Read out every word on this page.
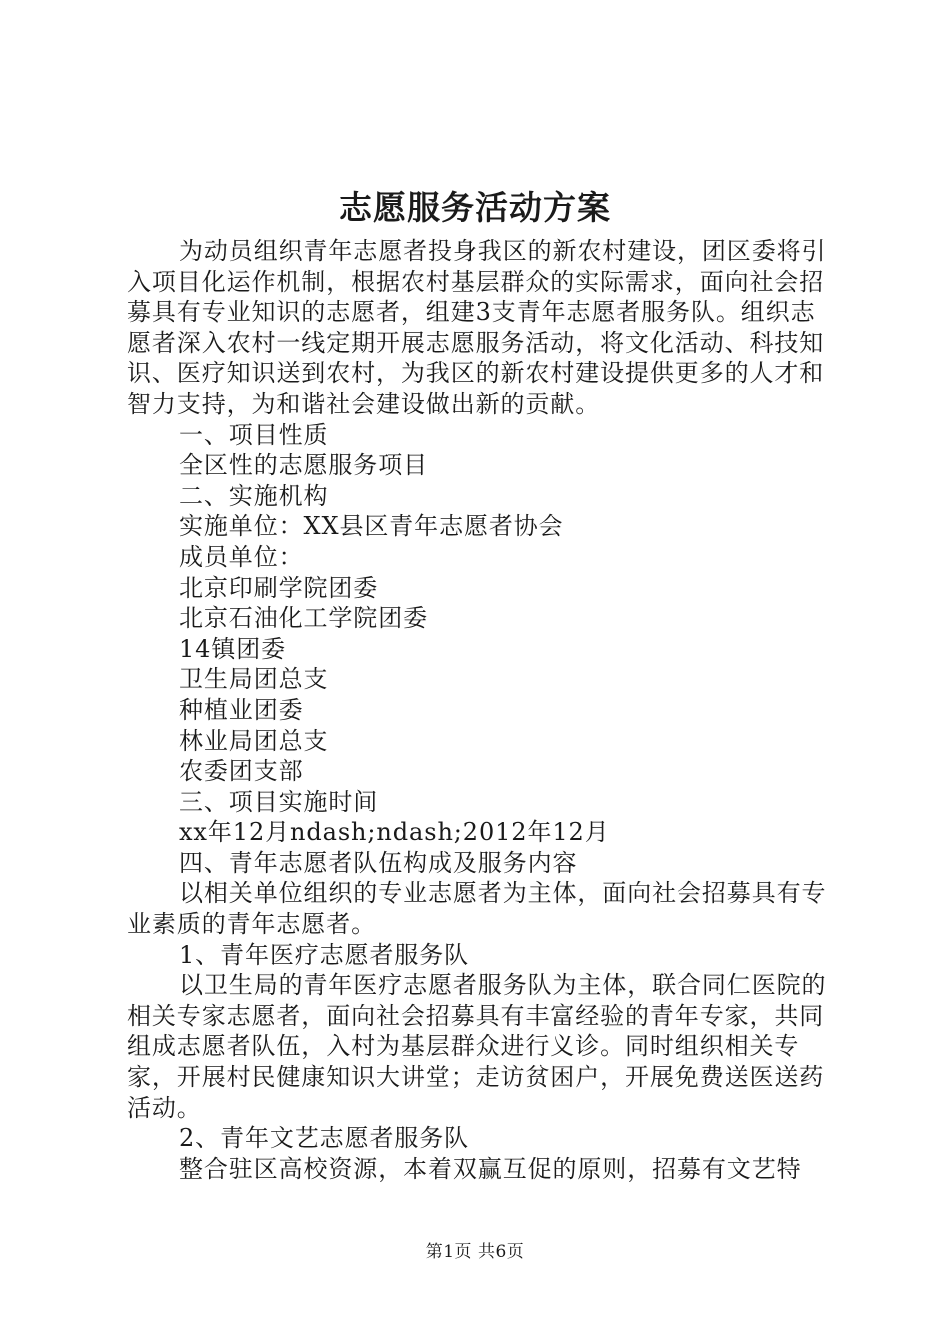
志愿服务活动方案

为动员组织青年志愿者投身我区的新农村建设，团区委将引入项目化运作机制，根据农村基层群众的实际需求，面向社会招募具有专业知识的志愿者，组建3支青年志愿者服务队。组织志愿者深入农村一线定期开展志愿服务活动，将文化活动、科技知识、医疗知识送到农村，为我区的新农村建设提供更多的人才和智力支持，为和谐社会建设做出新的贡献。

一、项目性质

全区性的志愿服务项目

二、实施机构

实施单位：XX县区青年志愿者协会

成员单位：

北京印刷学院团委

北京石油化工学院团委

14镇团委

卫生局团总支

种植业团委

林业局团总支

农委团支部

三、项目实施时间

xx年12月ndash;ndash;2012年12月

四、青年志愿者队伍构成及服务内容

以相关单位组织的专业志愿者为主体，面向社会招募具有专业素质的青年志愿者。

1、青年医疗志愿者服务队

以卫生局的青年医疗志愿者服务队为主体，联合同仁医院的相关专家志愿者，面向社会招募具有丰富经验的青年专家，共同组成志愿者队伍，入村为基层群众进行义诊。同时组织相关专家，开展村民健康知识大讲堂；走访贫困户，开展免费送医送药活动。

2、青年文艺志愿者服务队

整合驻区高校资源，本着双赢互促的原则，招募有文艺特

第1页 共6页
